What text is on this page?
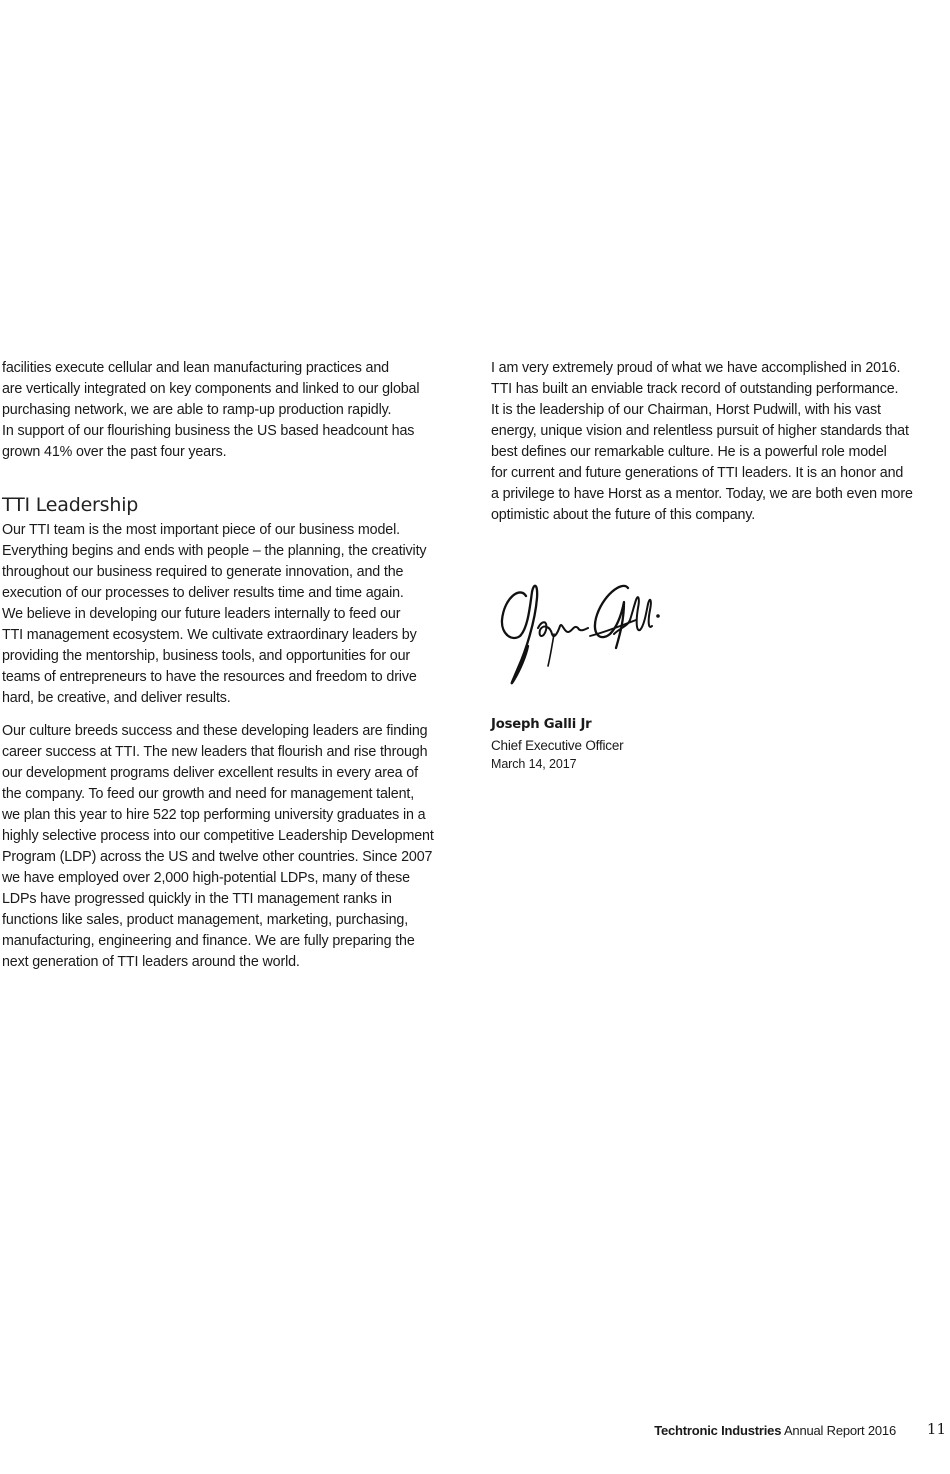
facilities execute cellular and lean manufacturing practices and
are vertically integrated on key components and linked to our global
purchasing network, we are able to ramp-up production rapidly.
In support of our flourishing business the US based headcount has
grown 41% over the past four years.

TTI Leadership

Our TTI team is the most important piece of our business model.
Everything begins and ends with people – the planning, the creativity
throughout our business required to generate innovation, and the
execution of our processes to deliver results time and time again.
We believe in developing our future leaders internally to feed our
TTI management ecosystem. We cultivate extraordinary leaders by
providing the mentorship, business tools, and opportunities for our
teams of entrepreneurs to have the resources and freedom to drive
hard, be creative, and deliver results.

Our culture breeds success and these developing leaders are finding
career success at TTI. The new leaders that flourish and rise through
our development programs deliver excellent results in every area of
the company. To feed our growth and need for management talent,
we plan this year to hire 522 top performing university graduates in a
highly selective process into our competitive Leadership Development
Program (LDP) across the US and twelve other countries. Since 2007
we have employed over 2,000 high-potential LDPs, many of these
LDPs have progressed quickly in the TTI management ranks in
functions like sales, product management, marketing, purchasing,
manufacturing, engineering and finance. We are fully preparing the
next generation of TTI leaders around the world.

I am very extremely proud of what we have accomplished in 2016.
TTI has built an enviable track record of outstanding performance.
It is the leadership of our Chairman, Horst Pudwill, with his vast
energy, unique vision and relentless pursuit of higher standards that
best defines our remarkable culture. He is a powerful role model
for current and future generations of TTI leaders. It is an honor and
a privilege to have Horst as a mentor. Today, we are both even more
optimistic about the future of this company.

Joseph Galli Jr
Chief Executive Officer
March 14, 2017
Techtronic Industries Annual Report 2016 11
